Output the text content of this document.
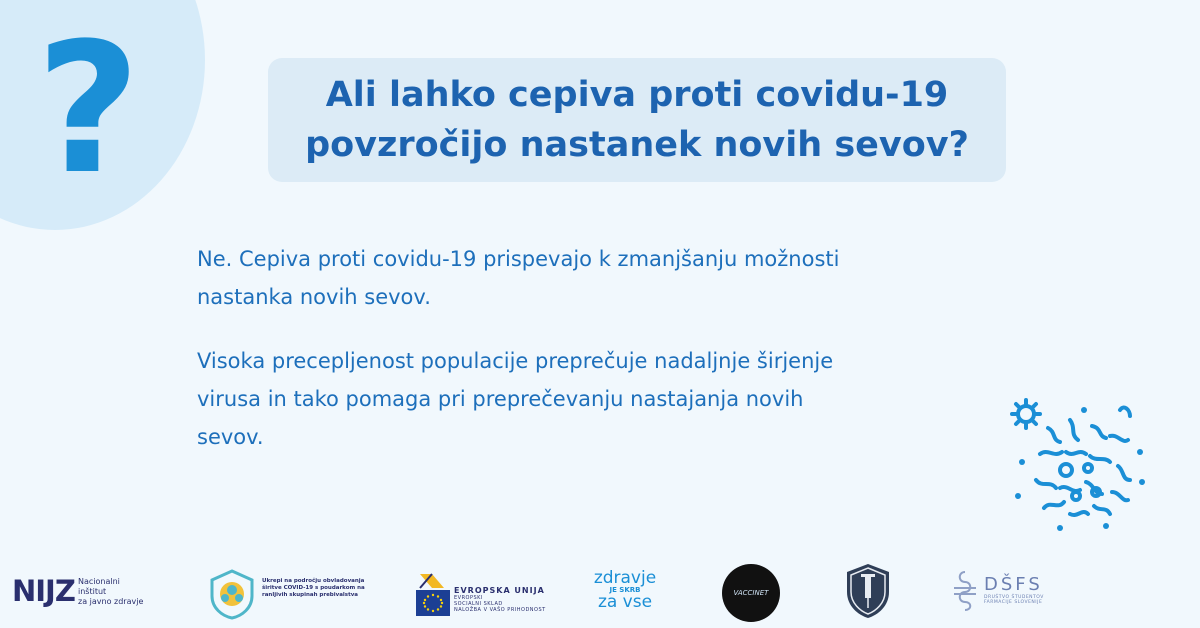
?	Ali lahko cepiva proti covidu-19
povzročijo nastanek novih sevov?
Ne. Cepiva proti covidu-19 prispevajo k zmanjšanju možnosti
nastanka novih sevov.
Visoka precepljenost populacije preprečuje nadaljnje širjenje
virusa in tako pomaga pri preprečevanju nastajanja novih
sevov.
NIJZ Nacionalni inštitut
za javno zdravje
Ukrepi na področju obvladovanja
širitve COVID-19 s poudarkom na
ranljivih skupinah prebivalstva	EVROPSKA UNIJA
EVROPSKI
SOCIALNI SKLAD
NALOŽBA V VAŠO PRIHODNOST
zdravje
JE SKRB
za vse	VACCINET	DŠFS
DRUŠTVO ŠTUDENTOV FARMACIJE SLOVENIJE
